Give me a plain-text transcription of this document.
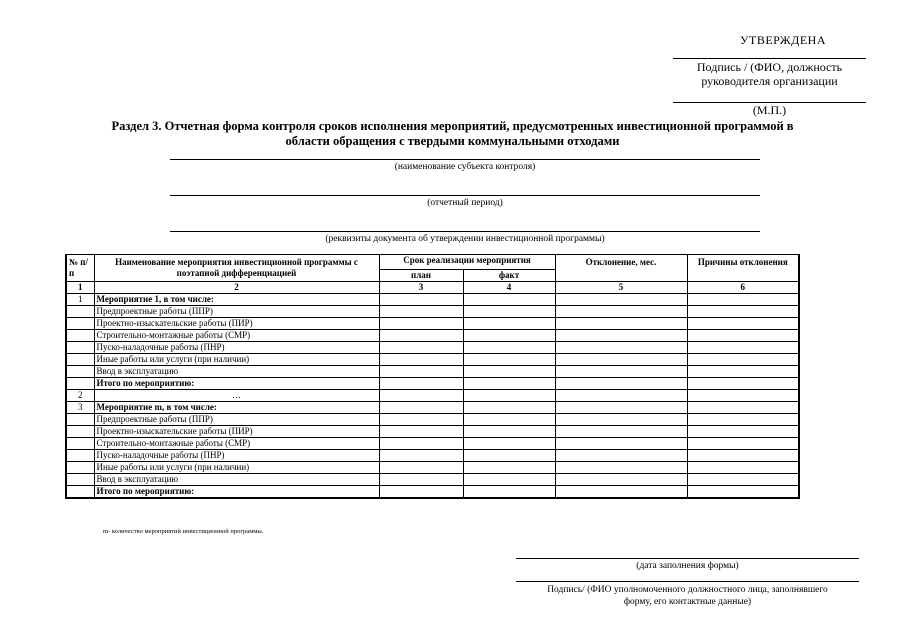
УТВЕРЖДЕНА
Подпись / (ФИО, должность
руководителя организации
(М.П.)
Раздел 3. Отчетная форма контроля сроков исполнения мероприятий, предусмотренных инвестиционной программой в
области обращения с твердыми коммунальными отходами
(наименование субъекта контроля)
(отчетный период)
(реквизиты документа об утверждении инвестиционной программы)
№ п/п	Наименование мероприятия инвестиционной программы с поэтапной дифференциацией	Срок реализации мероприятия		Отклонение, мес.	Причины отклонения
		план	факт		
1	2	3	4	5	6
1	Мероприятие 1, в том числе:				
	Предпроектные работы (ППР)				
	Проектно-изыскательские работы (ПИР)				
	Строительно-монтажные работы (СМР)				
	Пуско-наладочные работы (ПНР)				
	Иные работы или услуги (при наличии)				
	Ввод в эксплуатацию				
	Итого по мероприятию:				
2	…				
3	Мероприятие m, в том числе:				
	Предпроектные работы (ППР)				
	Проектно-изыскательские работы (ПИР)				
	Строительно-монтажные работы (СМР)				
	Пуско-наладочные работы (ПНР)				
	Иные работы или услуги (при наличии)				
	Ввод в эксплуатацию				
	Итого по мероприятию:				
m- количество мероприятий инвестиционной программы.
(дата заполнения формы)
Подпись/ (ФИО уполномоченного должностного лица, заполнявшего
форму, его контактные данные)
